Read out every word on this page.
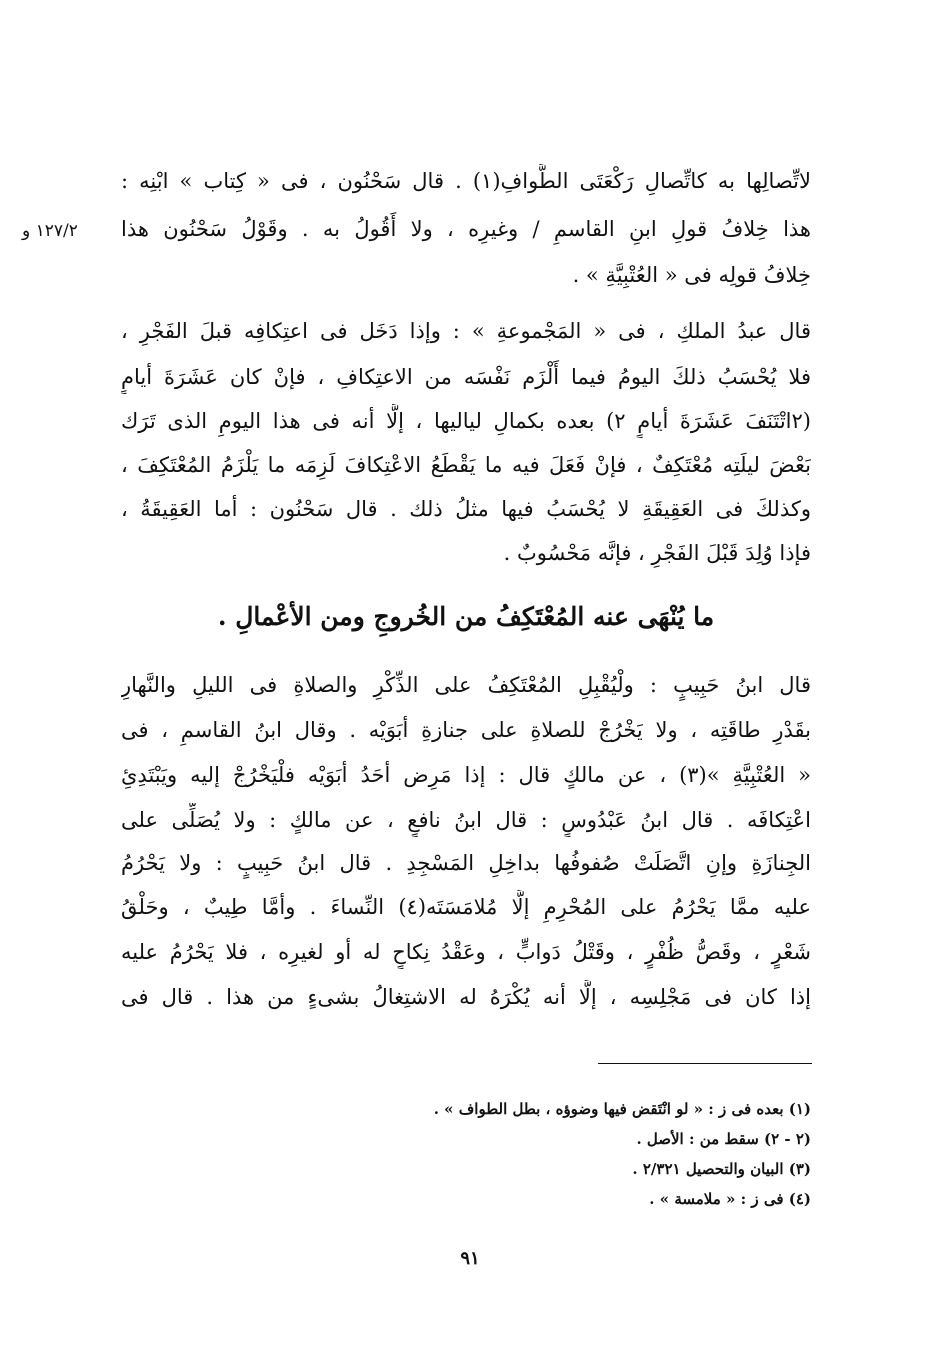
١٢٧/٢ و
لاتِّصالِها به كاتِّصالِ رَكْعَتَى الطَّوافِ(١) . قال سَحْنُون ، فى « كِتاب » ابْنِه :
هذا خِلافُ قولِ ابنِ القاسمِ / وغيرِه ، ولا أَقُولُ به . وقَوْلُ سَحْنُون هذا
خِلافُ قولِه فى « العُتْبِيَّةِ » .
قال عبدُ الملكِ ، فى « المَجْموعةِ » : وإذا دَخَل فى اعتِكافِه قبلَ الفَجْرِ ،
فلا يُحْسَبُ ذلكَ اليومُ فيما أَلْزَم نَفْسَه من الاعتِكافِ ، فإنْ كان عَشَرَةَ أيامٍ
(٢اتْتَنَفَ عَشَرَةَ أيامٍ ٢) بعده بكمالِ لياليها ، إلَّا أنه فى هذا اليومِ الذى تَرَك
بَعْضَ ليلَتِه مُعْتَكِفٌ ، فإنْ فَعَلَ فيه ما يَقْطَعُ الاعْتِكافَ لَزِمَه ما يَلْزَمُ المُعْتَكِفَ ،
وكذلكَ فى العَقِيقَةِ لا يُحْسَبُ فيها مثلُ ذلك . قال سَحْنُون : أما العَقِيقَةُ ،
فإذا وُلِدَ قَبْلَ الفَجْرِ ، فإنَّه مَحْسُوبٌ .
ما يُنْهَى عنه المُعْتَكِفُ من الخُروجِ ومن الأعْمالِ .
قال ابنُ حَبِيبٍ : ولْيُقْبِلِ المُعْتَكِفُ على الذِّكْرِ والصلاةِ فى الليلِ والنَّهارِ
بقَدْرِ طاقَتِه ، ولا يَخْرُجْ للصلاةِ على جنازةِ أبَوَيْه . وقال ابنُ القاسمِ ، فى
« العُتْبِيَّةِ »(٣) ، عن مالكٍ قال : إذا مَرِض أحَدُ أبَوَيْه فلْيَخْرُجْ إليه ويَبْتَدِئِ
اعْتِكافَه . قال ابنُ عَبْدُوسٍ : قال ابنُ نافعٍ ، عن مالكٍ : ولا يُصَلِّى على
الجِنازَةِ وإنِ اتَّصَلَتْ صُفوفُها بداخِلِ المَسْجِدِ . قال ابنُ حَبِيبٍ : ولا يَحْرُمُ
عليه ممَّا يَحْرُمُ على المُحْرِمِ إلَّا مُلامَسَتَه(٤) النِّساءَ . وأمَّا طِيبٌ ، وحَلْقُ
شَعْرٍ ، وقَصُّ ظُفْرٍ ، وقَتْلُ دَوابٍّ ، وعَقْدُ نِكاحٍ له أو لغيرِه ، فلا يَحْرُمُ عليه
إذا كان فى مَجْلِسِه ، إلَّا أنه يُكْرَهُ له الاشتِغالُ بشىءٍ من هذا . قال فى
(١) بعده فى ز : « لو انْتَقض فيها وضوؤه ، بطل الطواف » .
(٢ - ٢) سقط من : الأصل .
(٣) البيان والتحصيل ٢/٣٢١ .
(٤) فى ز : « ملامسة » .
٩١
